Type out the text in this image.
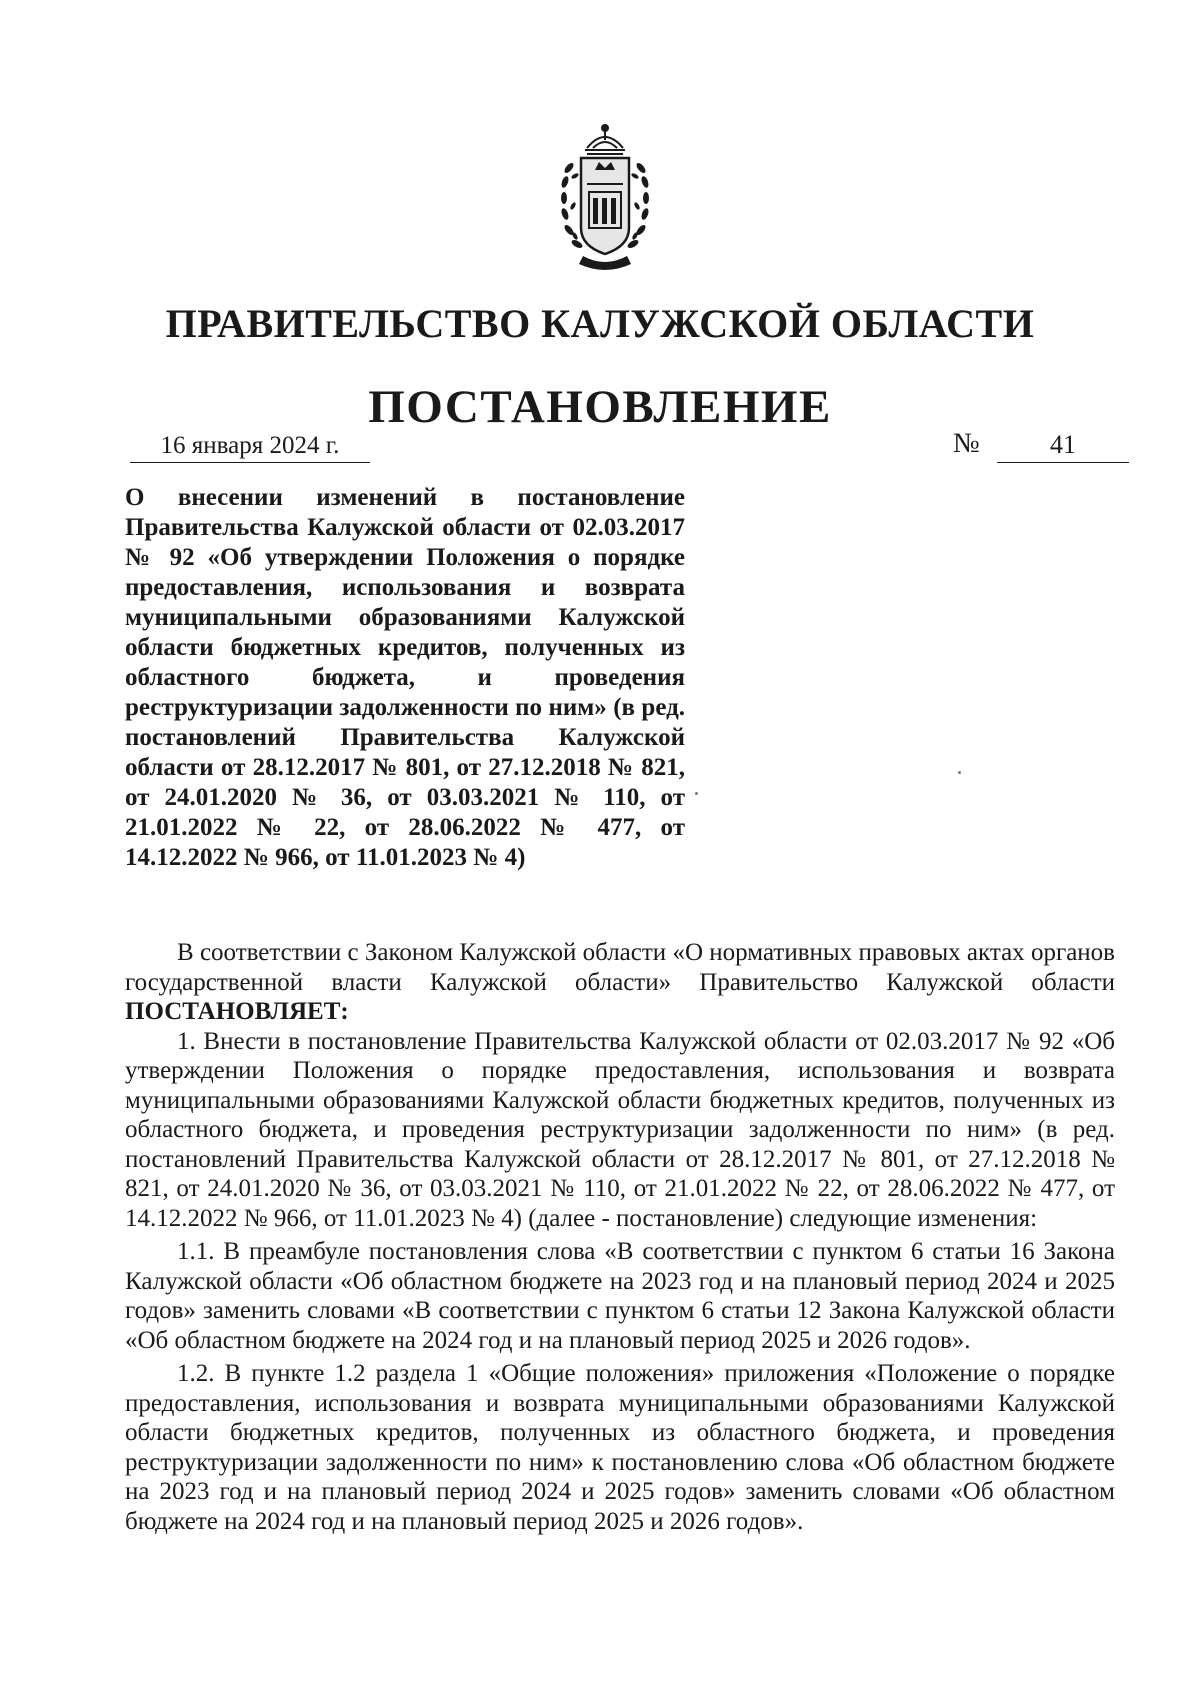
ПРАВИТЕЛЬСТВО КАЛУЖСКОЙ ОБЛАСТИ
ПОСТАНОВЛЕНИЕ
16 января 2024 г.	№	41
О внесении изменений в постановление Правительства Калужской области от 02.03.2017 № 92 «Об утверждении Положения о порядке предоставления, использования и возврата муниципальными образованиями Калужской области бюджетных кредитов, полученных из областного бюджета, и проведения реструктуризации задолженности по ним» (в ред. постановлений Правительства Калужской области от 28.12.2017 № 801, от 27.12.2018 № 821, от 24.01.2020 № 36, от 03.03.2021 № 110, от 21.01.2022 № 22, от 28.06.2022 № 477, от 14.12.2022 № 966, от 11.01.2023 № 4)

В соответствии с Законом Калужской области «О нормативных правовых актах органов государственной власти Калужской области» Правительство Калужской области ПОСТАНОВЛЯЕТ:

1. Внести в постановление Правительства Калужской области от 02.03.2017 № 92 «Об утверждении Положения о порядке предоставления, использования и возврата муниципальными образованиями Калужской области бюджетных кредитов, полученных из областного бюджета, и проведения реструктуризации задолженности по ним» (в ред. постановлений Правительства Калужской области от 28.12.2017 № 801, от 27.12.2018 № 821, от 24.01.2020 № 36, от 03.03.2021 № 110, от 21.01.2022 № 22, от 28.06.2022 № 477, от 14.12.2022 № 966, от 11.01.2023 № 4) (далее - постановление) следующие изменения:

1.1. В преамбуле постановления слова «В соответствии с пунктом 6 статьи 16 Закона Калужской области «Об областном бюджете на 2023 год и на плановый период 2024 и 2025 годов» заменить словами «В соответствии с пунктом 6 статьи 12 Закона Калужской области «Об областном бюджете на 2024 год и на плановый период 2025 и 2026 годов».

1.2. В пункте 1.2 раздела 1 «Общие положения» приложения «Положение о порядке предоставления, использования и возврата муниципальными образованиями Калужской области бюджетных кредитов, полученных из областного бюджета, и проведения реструктуризации задолженности по ним» к постановлению слова «Об областном бюджете на 2023 год и на плановый период 2024 и 2025 годов» заменить словами «Об областном бюджете на 2024 год и на плановый период 2025 и 2026 годов».
